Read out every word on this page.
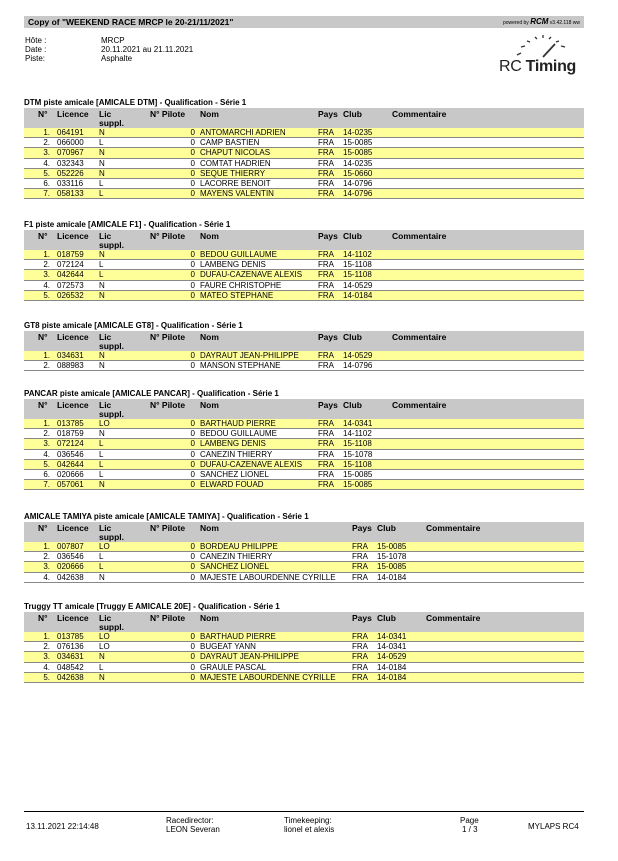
Copy of "WEEKEND RACE MRCP le 20-21/11/2021"	powered by RCM v3.42.118 ww
Hôte :	MRCP
Date :	20.11.2021 au 21.11.2021
Piste:	Asphalte	RC Timing
DTM piste amicale [AMICALE DTM] - Qualification - Série 1
N° Licence Lic	N° Pilote Nom	Pays Club	Commentaire
suppl.
1. 064191 N	0 ANTOMARCHI ADRIEN	FRA 14-0235
2. 066000 L	0 CAMP BASTIEN	FRA 15-0085
3. 070967 N	0 CHAPUT NICOLAS	FRA 15-0085
4. 032343 N	0 COMTAT HADRIEN	FRA 14-0235
5. 052226 N	0 SEQUE THIERRY	FRA 15-0660
6. 033116 L	0 LACORRE BENOIT	FRA 14-0796
7. 058133 L	0 MAYENS VALENTIN	FRA 14-0796
F1 piste amicale [AMICALE F1] - Qualification - Série 1
N° Licence Lic	N° Pilote Nom	Pays Club	Commentaire
suppl.
1. 018759 N	0 BEDOU GUILLAUME	FRA 14-1102
2. 072124 L	0 LAMBENG DENIS	FRA 15-1108
3. 042644 L	0 DUFAU-CAZENAVE ALEXIS FRA 15-1108
4. 072573 N	0 FAURE CHRISTOPHE	FRA 14-0529
5. 026532 N	0 MATEO STEPHANE	FRA 14-0184
GT8 piste amicale [AMICALE GT8] - Qualification - Série 1
N° Licence Lic	N° Pilote Nom	Pays Club	Commentaire
suppl.
1. 034631 N	0 DAYRAUT JEAN-PHILIPPE FRA 14-0529
2. 088983 N	0 MANSON STEPHANE	FRA 14-0796
PANCAR piste amicale [AMICALE PANCAR] - Qualification - Série 1
N° Licence Lic	N° Pilote Nom	Pays Club	Commentaire
suppl.
1. 013785 LO	0 BARTHAUD PIERRE	FRA 14-0341
2. 018759 N	0 BEDOU GUILLAUME	FRA 14-1102
3. 072124 L	0 LAMBENG DENIS	FRA 15-1108
4. 036546 L	0 CANEZIN THIERRY	FRA 15-1078
5. 042644 L	0 DUFAU-CAZENAVE ALEXIS FRA 15-1108
6. 020666 L	0 SANCHEZ LIONEL	FRA 15-0085
7. 057061 N	0 ELWARD FOUAD	FRA 15-0085
AMICALE TAMIYA piste amicale [AMICALE TAMIYA] - Qualification - Série 1
N° Licence Lic	N° Pilote Nom	Pays Club	Commentaire
suppl.
1. 007807 LO	0 BORDEAU PHILIPPE	FRA 15-0085
2. 036546 L	0 CANEZIN THIERRY	FRA 15-1078
3. 020666 L	0 SANCHEZ LIONEL	FRA 15-0085
4. 042638 N	0 MAJESTE LABOURDENNE CYRILLE FRA 14-0184
Truggy TT amicale [Truggy E AMICALE 20E] - Qualification - Série 1
N° Licence Lic	N° Pilote Nom	Pays Club	Commentaire
suppl.
1. 013785 LO	0 BARTHAUD PIERRE	FRA 14-0341
2. 076136 LO	0 BUGEAT YANN	FRA 14-0341
3. 034631 N	0 DAYRAUT JEAN-PHILIPPE	FRA 14-0529
4. 048542 L	0 GRAULE PASCAL	FRA 14-0184
5. 042638 N	0 MAJESTE LABOURDENNE CYRILLE FRA 14-0184
13.11.2021 22:14:48
Racedirector:
LEON Severan
Timekeeping:
lionel et alexis
Page
1 / 3	MYLAPS RC4
